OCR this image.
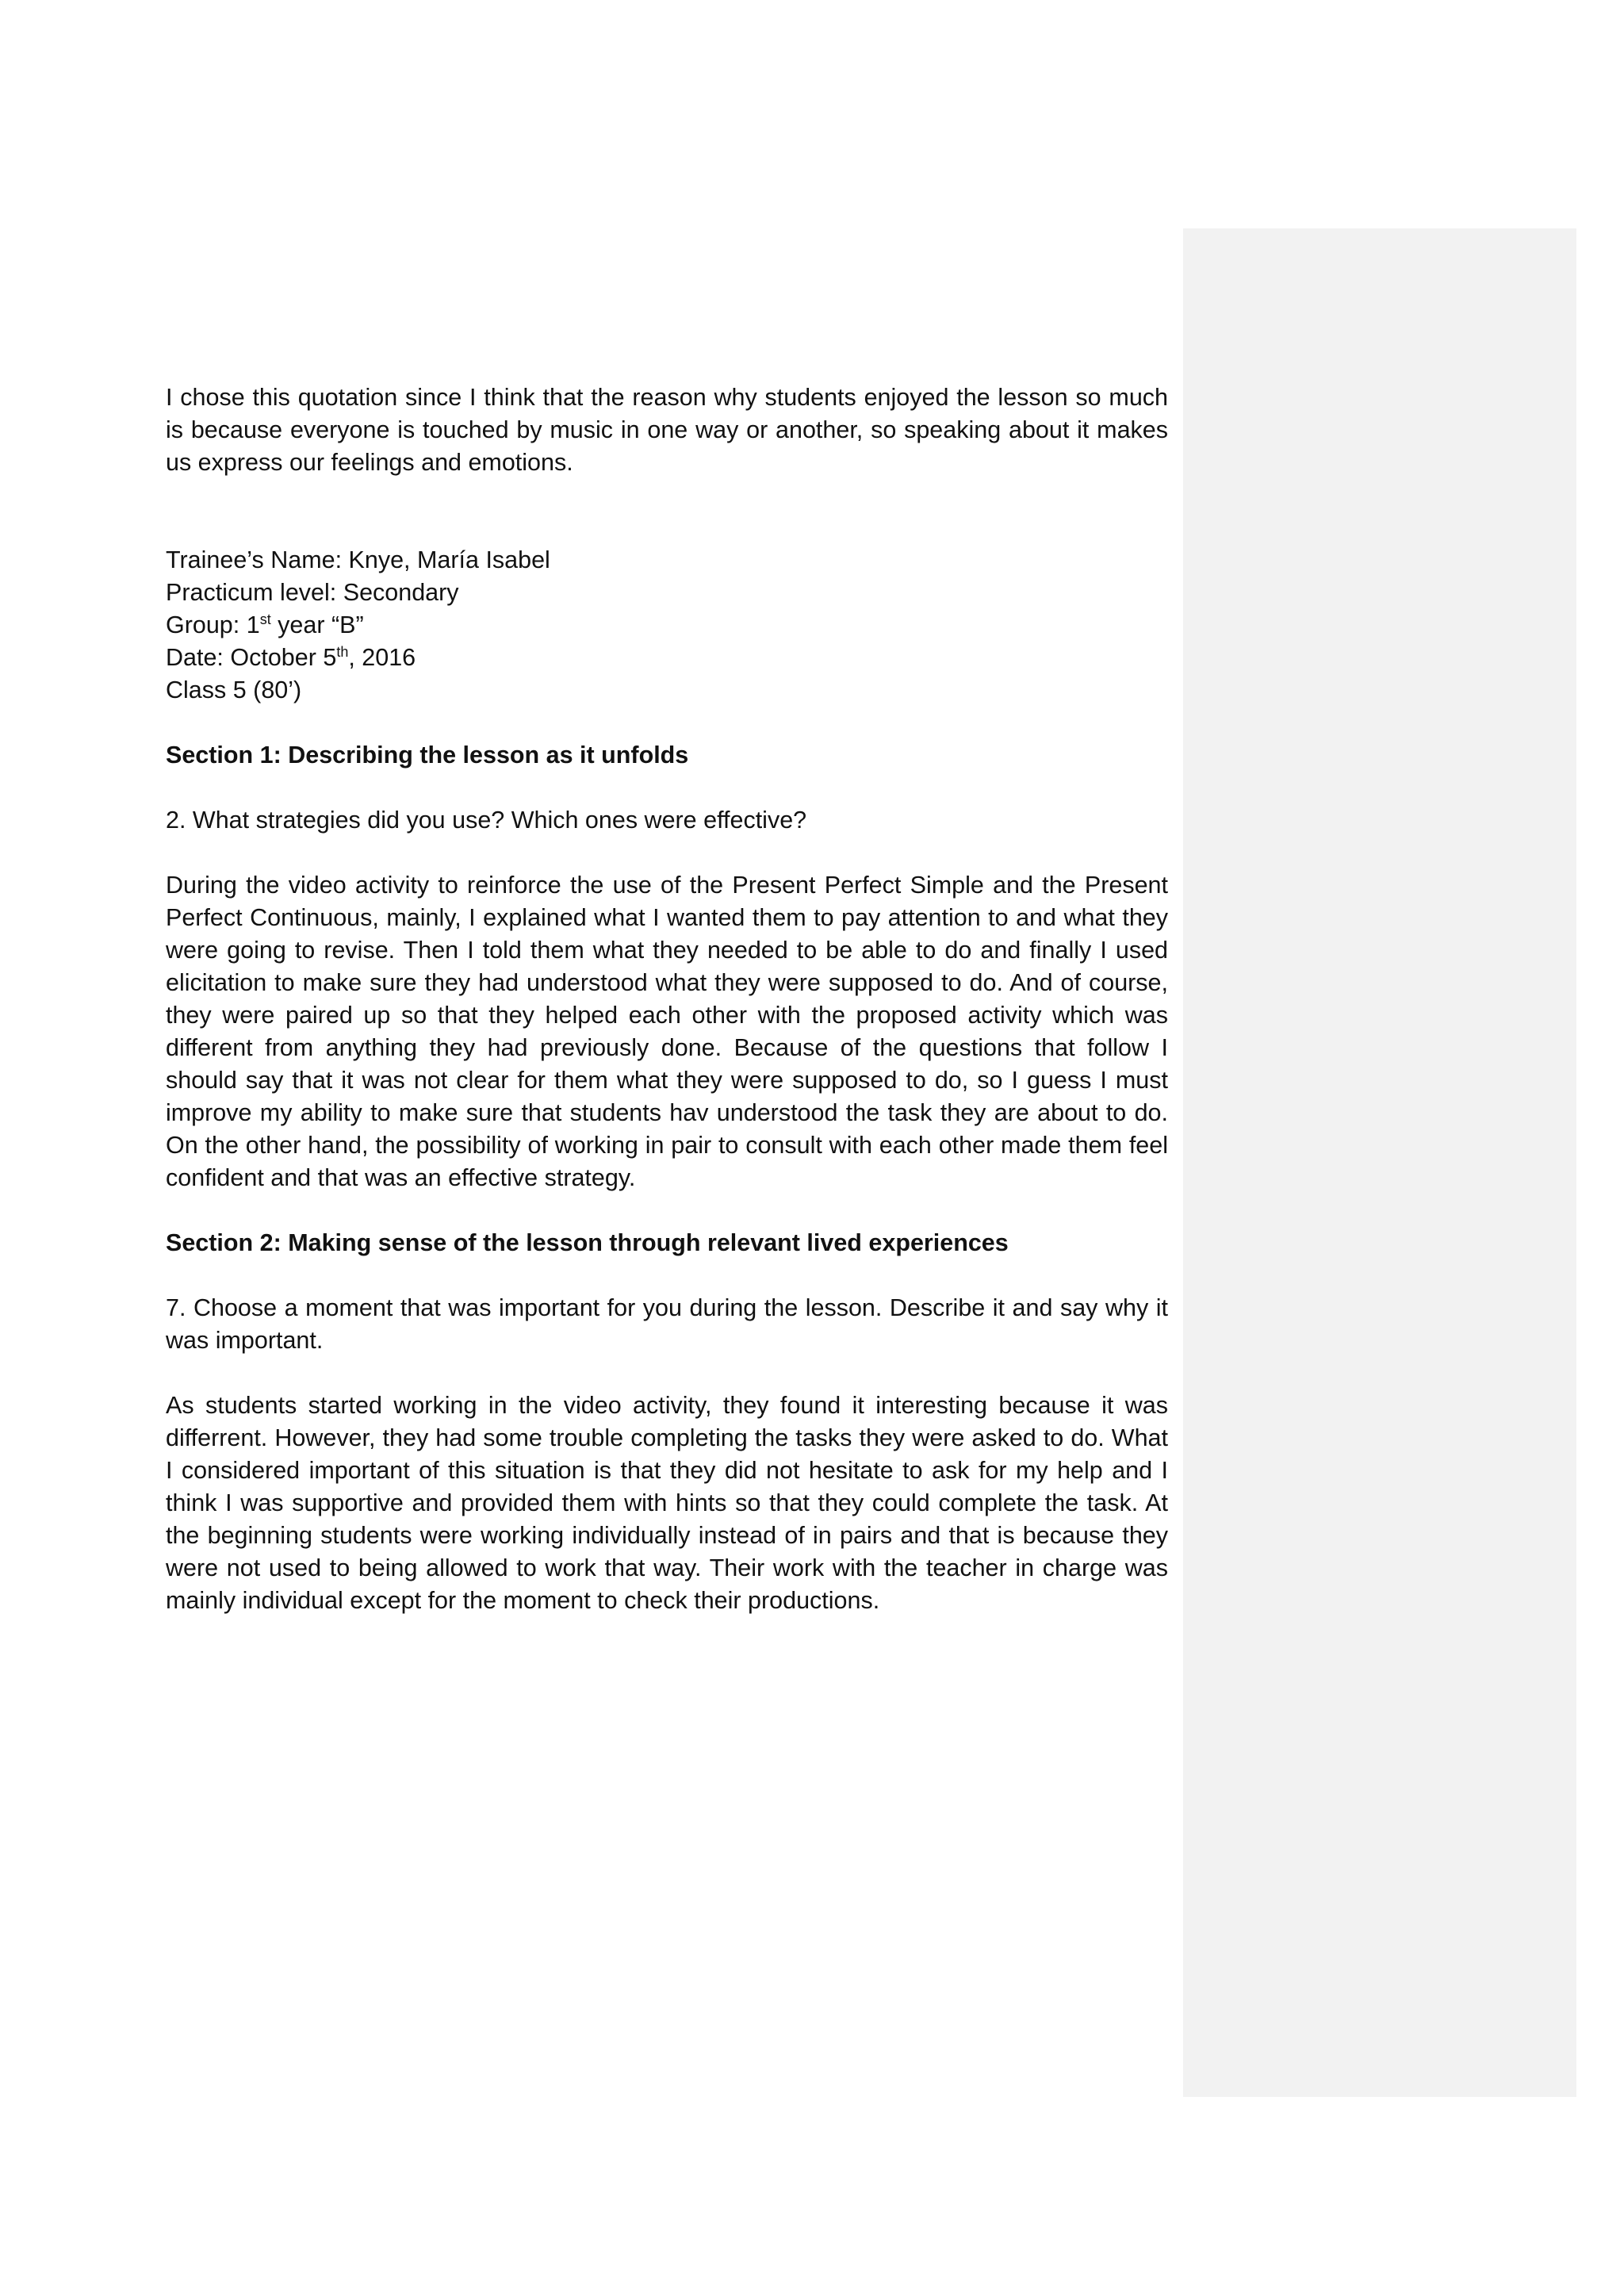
I chose this quotation since I think that the reason why students enjoyed the lesson so much is because everyone is touched by music in one way or another, so speaking about it makes us express our feelings and emotions.

Trainee’s Name: Knye, María Isabel
Practicum level: Secondary
Group: 1st year “B”
Date: October 5th, 2016
Class 5 (80’)

Section 1: Describing the lesson as it unfolds

2. What strategies did you use? Which ones were effective?

During the video activity to reinforce the use of the Present Perfect Simple and the Present Perfect Continuous, mainly, I explained what I wanted them to pay attention to and what they were going to revise. Then I told them what they needed to be able to do and finally I used elicitation to make sure they had understood what they were supposed to do. And of course, they were paired up so that they helped each other with the proposed activity which was different from anything they had previously done. Because of the questions that follow I should say that it was not clear for them what they were supposed to do, so I guess I must improve my ability to make sure that students hav understood the task they are about to do. On the other hand, the possibility of working in pair to consult with each other made them feel confident and that was an effective strategy.

Section 2: Making sense of the lesson through relevant lived experiences

7. Choose a moment that was important for you during the lesson. Describe it and say why it was important.

As students started working in the video activity, they found it interesting because it was differrent. However, they had some trouble completing the tasks they were asked to do. What I considered important of this situation is that they did not hesitate to ask for my help and I think I was supportive and provided them with hints so that they could complete the task. At the beginning students were working individually instead of in pairs and that is because they were not used to being allowed to work that way. Their work with the teacher in charge was mainly individual except for the moment to check their productions.
